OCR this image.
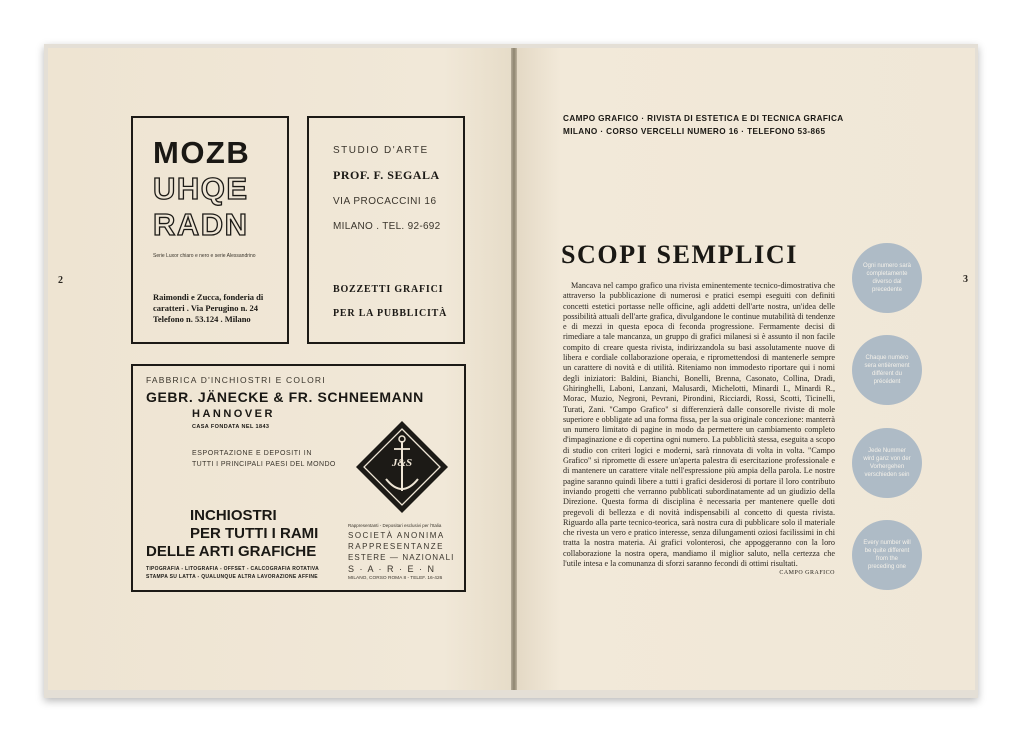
2	3
MOZB
UHQE
RADN
Serie Luxor chiaro e nero e serie Alessandrino
Raimondi e Zucca, fonderia di
caratteri . Via Perugino n. 24
Telefono n. 53.124 . Milano
STUDIO D'ARTE
PROF. F. SEGALA
VIA PROCACCINI 16
MILANO . TEL. 92-692
BOZZETTI GRAFICI
PER LA PUBBLICITÀ
FABBRICA D'INCHIOSTRI E COLORI
GEBR. JÄNECKE & FR. SCHNEEMANN
HANNOVER
CASA FONDATA NEL 1843
ESPORTAZIONE E DEPOSITI IN
TUTTI I PRINCIPALI PAESI DEL MONDO
INCHIOSTRI
PER TUTTI I RAMI
DELLE ARTI GRAFICHE
TIPOGRAFIA - LITOGRAFIA - OFFSET - CALCOGRAFIA ROTATIVA
STAMPA SU LATTA - QUALUNQUE ALTRA LAVORAZIONE AFFINE
J&S
Rappresentanti - Depositari esclusivi per l'Italia
SOCIETÀ ANONIMA
RAPPRESENTANZE
ESTERE — NAZIONALI
S · A · R · E · N
MILANO, CORSO ROMA 8 - TELEF. 16-426
CAMPO GRAFICO · RIVISTA DI ESTETICA E DI TECNICA GRAFICA
MILANO · CORSO VERCELLI NUMERO 16 · TELEFONO 53-865
SCOPI SEMPLICI

Mancava nel campo grafico una rivista eminentemente tecnico-dimostrativa che attraverso la pubblicazione di numerosi e pratici esempi eseguiti con definiti concetti estetici portasse nelle officine, agli addetti dell'arte nostra, un'idea delle possibilità attuali dell'arte grafica, divulgandone le continue mutabilità di tendenze e di mezzi in questa epoca di feconda progressione. Fermamente decisi di rimediare a tale mancanza, un gruppo di grafici milanesi si è assunto il non facile compito di creare questa rivista, indirizzandola su basi assolutamente nuove di libera e cordiale collaborazione operaia, e ripromettendosi di mantenerle sempre un carattere di novità e di utilità. Riteniamo non immodesto riportare qui i nomi degli iniziatori: Baldini, Bianchi, Bonelli, Brenna, Casonato, Collina, Dradi, Ghiringhelli, Laboni, Lanzani, Malusardi, Michelotti, Minardi I., Minardi R., Morac, Muzio, Negroni, Pevrani, Pirondini, Ricciardi, Rossi, Scotti, Ticinelli, Turati, Zani. "Campo Grafico" si differenzierà dalle consorelle riviste di mole superiore e obbligate ad una forma fissa, per la sua originale concezione: manterrà un numero limitato di pagine in modo da permettere un cambiamento completo d'impaginazione e di copertina ogni numero. La pubblicità stessa, eseguita a scopo di studio con criteri logici e moderni, sarà rinnovata di volta in volta. "Campo Grafico" si ripromette di essere un'aperta palestra di esercitazione professionale e di mantenere un carattere vitale nell'espressione più ampia della parola. Le nostre pagine saranno quindi libere a tutti i grafici desiderosi di portare il loro contributo inviando progetti che verranno pubblicati subordinatamente ad un giudizio della Direzione. Questa forma di disciplina è necessaria per mantenere quelle doti pregevoli di bellezza e di novità indispensabili al concetto di questa rivista. Riguardo alla parte tecnico-teorica, sarà nostra cura di pubblicare solo il materiale che rivesta un vero e pratico interesse, senza dilungamenti oziosi facilissimi in chi tratta la nostra materia. Ai grafici volonterosi, che appoggeranno con la loro collaborazione la nostra opera, mandiamo il miglior saluto, nella certezza che l'utile intesa e la comunanza di sforzi saranno fecondi di ottimi risultati.

CAMPO GRAFICO
Ogni numero sarà completamente diverso dal precedente
Chaque numéro sera entièrement différent du précédent
Jede Nummer wird ganz von der Vorhergehen verschieden sein
Every number will be quite different from the preceding one
